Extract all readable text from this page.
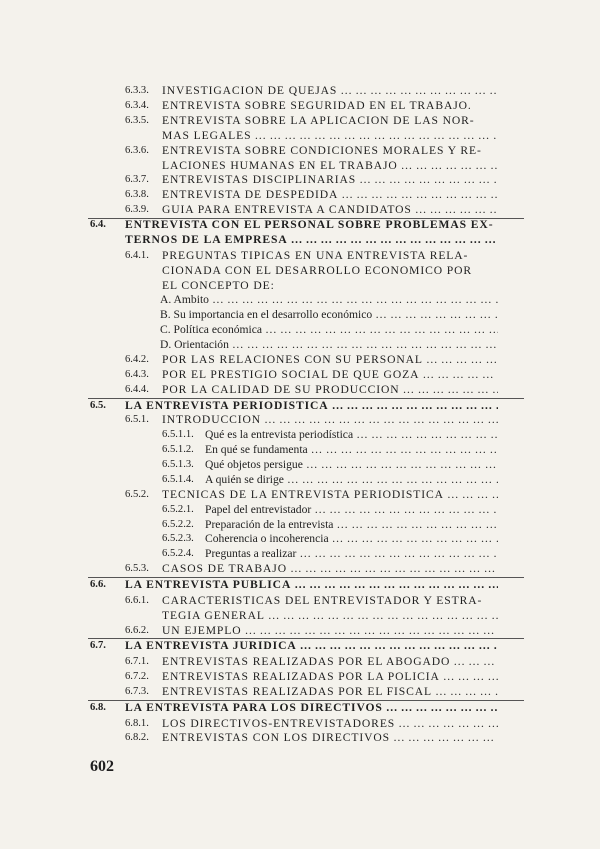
6.3.3. INVESTIGACION DE QUEJAS … … … … … … … … … … … … … … … … … … … … … … … … … … … … … … … … … … … … … … … … … … … … … … …
6.3.4. ENTREVISTA SOBRE SEGURIDAD EN EL TRABAJO.
6.3.5. ENTREVISTA SOBRE LA APLICACION DE LAS NOR-
MAS LEGALES … … … … … … … … … … … … … … … … … … … … … … … … … … … … … … … … … … … … … … … … … … … … … … …
6.3.6. ENTREVISTA SOBRE CONDICIONES MORALES Y RE-
LACIONES HUMANAS EN EL TRABAJO … … … … … … … … … … … … … … … … … … … … … … … … … … … … … … … … … … … … … … … … … … … … … … …
6.3.7. ENTREVISTAS DISCIPLINARIAS … … … … … … … … … … … … … … … … … … … … … … … … … … … … … … … … … … … … … … … … … … … … … … …
6.3.8. ENTREVISTA DE DESPEDIDA … … … … … … … … … … … … … … … … … … … … … … … … … … … … … … … … … … … … … … … … … … … … … … …
6.3.9. GUIA PARA ENTREVISTA A CANDIDATOS … … … … … … … … … … … … … … … … … … … … … … … … … … … … … … … … … … … … … … … … … … … … … … …
6.4. ENTREVISTA CON EL PERSONAL SOBRE PROBLEMAS EX-
TERNOS DE LA EMPRESA … … … … … … … … … … … … … … … … … … … … … … … … … … … … … … … … … … … … … … … … … … … … … … …
6.4.1. PREGUNTAS TIPICAS EN UNA ENTREVISTA RELA-
CIONADA CON EL DESARROLLO ECONOMICO POR
EL CONCEPTO DE:
A. Ambito … … … … … … … … … … … … … … … … … … … … … … … … … … … … … … … … … … … … … … … … … … … … … … …
B. Su importancia en el desarrollo económico … … … … … … … … … … … … … … … … … … … … … … … … … … … … … … … … … … … … … … … … … … … … … … …
C. Política económica … … … … … … … … … … … … … … … … … … … … … … … … … … … … … … … … … … … … … … … … … … … … … … …
D. Orientación … … … … … … … … … … … … … … … … … … … … … … … … … … … … … … … … … … … … … … … … … … … … … … …
6.4.2. POR LAS RELACIONES CON SU PERSONAL … … … … … … … … … … … … … … … … … … … … … … … … … … … … … … … … … … … … … … … … … … … … … … …
6.4.3. POR EL PRESTIGIO SOCIAL DE QUE GOZA … … … … … … … … … … … … … … … … … … … … … … … … … … … … … … … … … … … … … … … … … … … … … … …
6.4.4. POR LA CALIDAD DE SU PRODUCCION … … … … … … … … … … … … … … … … … … … … … … … … … … … … … … … … … … … … … … … … … … … … … … …
6.5. LA ENTREVISTA PERIODISTICA … … … … … … … … … … … … … … … … … … … … … … … … … … … … … … … … … … … … … … … … … … … … … … …
6.5.1. INTRODUCCION … … … … … … … … … … … … … … … … … … … … … … … … … … … … … … … … … … … … … … … … … … … … … … …
6.5.1.1. Qué es la entrevista periodística … … … … … … … … … … … … … … … … … … … … … … … … … … … … … … … … … … … … … … … … … … … … … … …
6.5.1.2. En qué se fundamenta … … … … … … … … … … … … … … … … … … … … … … … … … … … … … … … … … … … … … … … … … … … … … … …
6.5.1.3. Qué objetos persigue … … … … … … … … … … … … … … … … … … … … … … … … … … … … … … … … … … … … … … … … … … … … … … …
6.5.1.4. A quién se dirige … … … … … … … … … … … … … … … … … … … … … … … … … … … … … … … … … … … … … … … … … … … … … … …
6.5.2. TECNICAS DE LA ENTREVISTA PERIODISTICA … … … … … … … … … … … … … … … … … … … … … … … … … … … … … … … … … … … … … … … … … … … … … … …
6.5.2.1. Papel del entrevistador … … … … … … … … … … … … … … … … … … … … … … … … … … … … … … … … … … … … … … … … … … … … … … …
6.5.2.2. Preparación de la entrevista … … … … … … … … … … … … … … … … … … … … … … … … … … … … … … … … … … … … … … … … … … … … … … …
6.5.2.3. Coherencia o incoherencia … … … … … … … … … … … … … … … … … … … … … … … … … … … … … … … … … … … … … … … … … … … … … … …
6.5.2.4. Preguntas a realizar … … … … … … … … … … … … … … … … … … … … … … … … … … … … … … … … … … … … … … … … … … … … … … …
6.5.3. CASOS DE TRABAJO … … … … … … … … … … … … … … … … … … … … … … … … … … … … … … … … … … … … … … … … … … … … … … …
6.6. LA ENTREVISTA PUBLICA … … … … … … … … … … … … … … … … … … … … … … … … … … … … … … … … … … … … … … … … … … … … … … …
6.6.1. CARACTERISTICAS DEL ENTREVISTADOR Y ESTRA-
TEGIA GENERAL … … … … … … … … … … … … … … … … … … … … … … … … … … … … … … … … … … … … … … … … … … … … … … …
6.6.2. UN EJEMPLO … … … … … … … … … … … … … … … … … … … … … … … … … … … … … … … … … … … … … … … … … … … … … … …
6.7. LA ENTREVISTA JURIDICA … … … … … … … … … … … … … … … … … … … … … … … … … … … … … … … … … … … … … … … … … … … … … … …
6.7.1. ENTREVISTAS REALIZADAS POR EL ABOGADO … … … … … … … … … … … … … … … … … … … … … … … … … … … … … … … … … … … … … … … … … … … … … … …
6.7.2. ENTREVISTAS REALIZADAS POR LA POLICIA … … … … … … … … … … … … … … … … … … … … … … … … … … … … … … … … … … … … … … … … … … … … … … …
6.7.3. ENTREVISTAS REALIZADAS POR EL FISCAL … … … … … … … … … … … … … … … … … … … … … … … … … … … … … … … … … … … … … … … … … … … … … … …
6.8. LA ENTREVISTA PARA LOS DIRECTIVOS … … … … … … … … … … … … … … … … … … … … … … … … … … … … … … … … … … … … … … … … … … … … … … …
6.8.1. LOS DIRECTIVOS-ENTREVISTADORES … … … … … … … … … … … … … … … … … … … … … … … … … … … … … … … … … … … … … … … … … … … … … … …
6.8.2. ENTREVISTAS CON LOS DIRECTIVOS … … … … … … … … … … … … … … … … … … … … … … … … … … … … … … … … … … … … … … … … … … … … … … …
602
